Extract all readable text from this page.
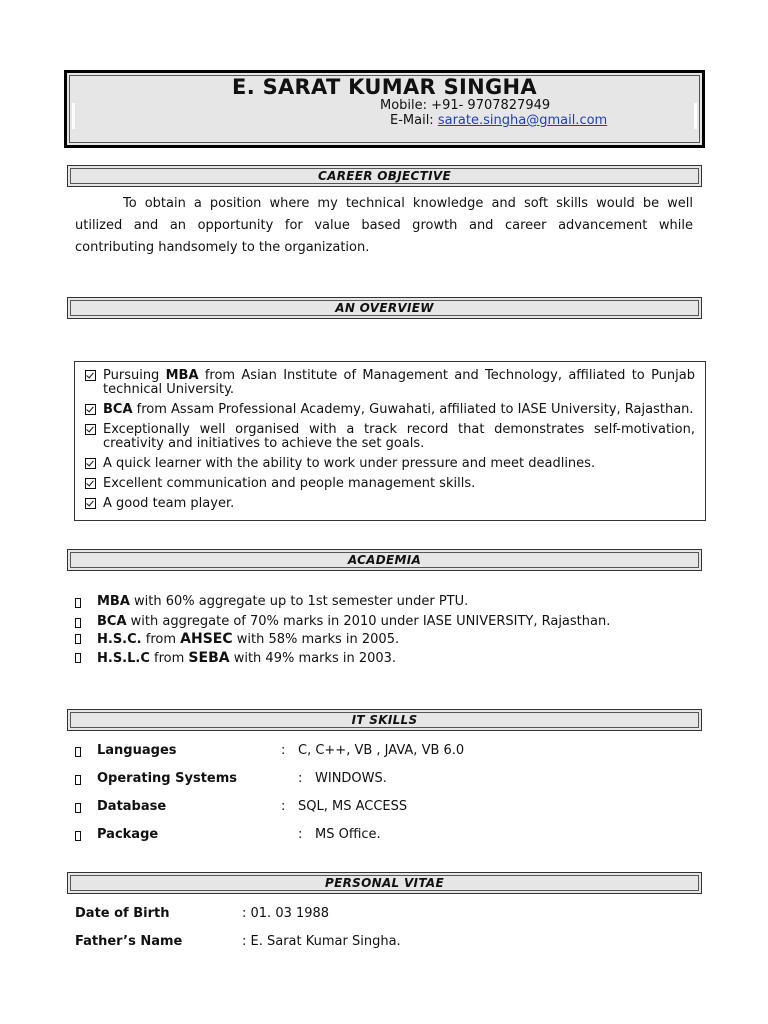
E. SARAT KUMAR SINGHA
Mobile: +91- 9707827949
E-Mail: sarate.singha@gmail.com
CAREER OBJECTIVE
To obtain a position where my technical knowledge and soft skills would be well utilized and an opportunity for value based growth and career advancement while contributing handsomely to the organization.
AN OVERVIEW
Pursuing MBA from Asian Institute of Management and Technology, affiliated to Punjab technical University.
BCA from Assam Professional Academy, Guwahati, affiliated to IASE University, Rajasthan.
Exceptionally well organised with a track record that demonstrates self-motivation, creativity and initiatives to achieve the set goals.
A quick learner with the ability to work under pressure and meet deadlines.
Excellent communication and people management skills.
A good team player.
ACADEMIA
MBA with 60% aggregate up to 1st semester under PTU.
BCA with aggregate of 70% marks in 2010 under IASE UNIVERSITY, Rajasthan.
H.S.C. from AHSEC with 58% marks in 2005.
H.S.L.C from SEBA with 49% marks in 2003.
IT SKILLS
Languages	: C, C++, VB , JAVA, VB 6.0
Operating Systems	: WINDOWS.
Database	: SQL, MS ACCESS
Package	: MS Office.
PERSONAL VITAE
Date of Birth	: 01. 03 1988
Father’s Name	: E. Sarat Kumar Singha.
